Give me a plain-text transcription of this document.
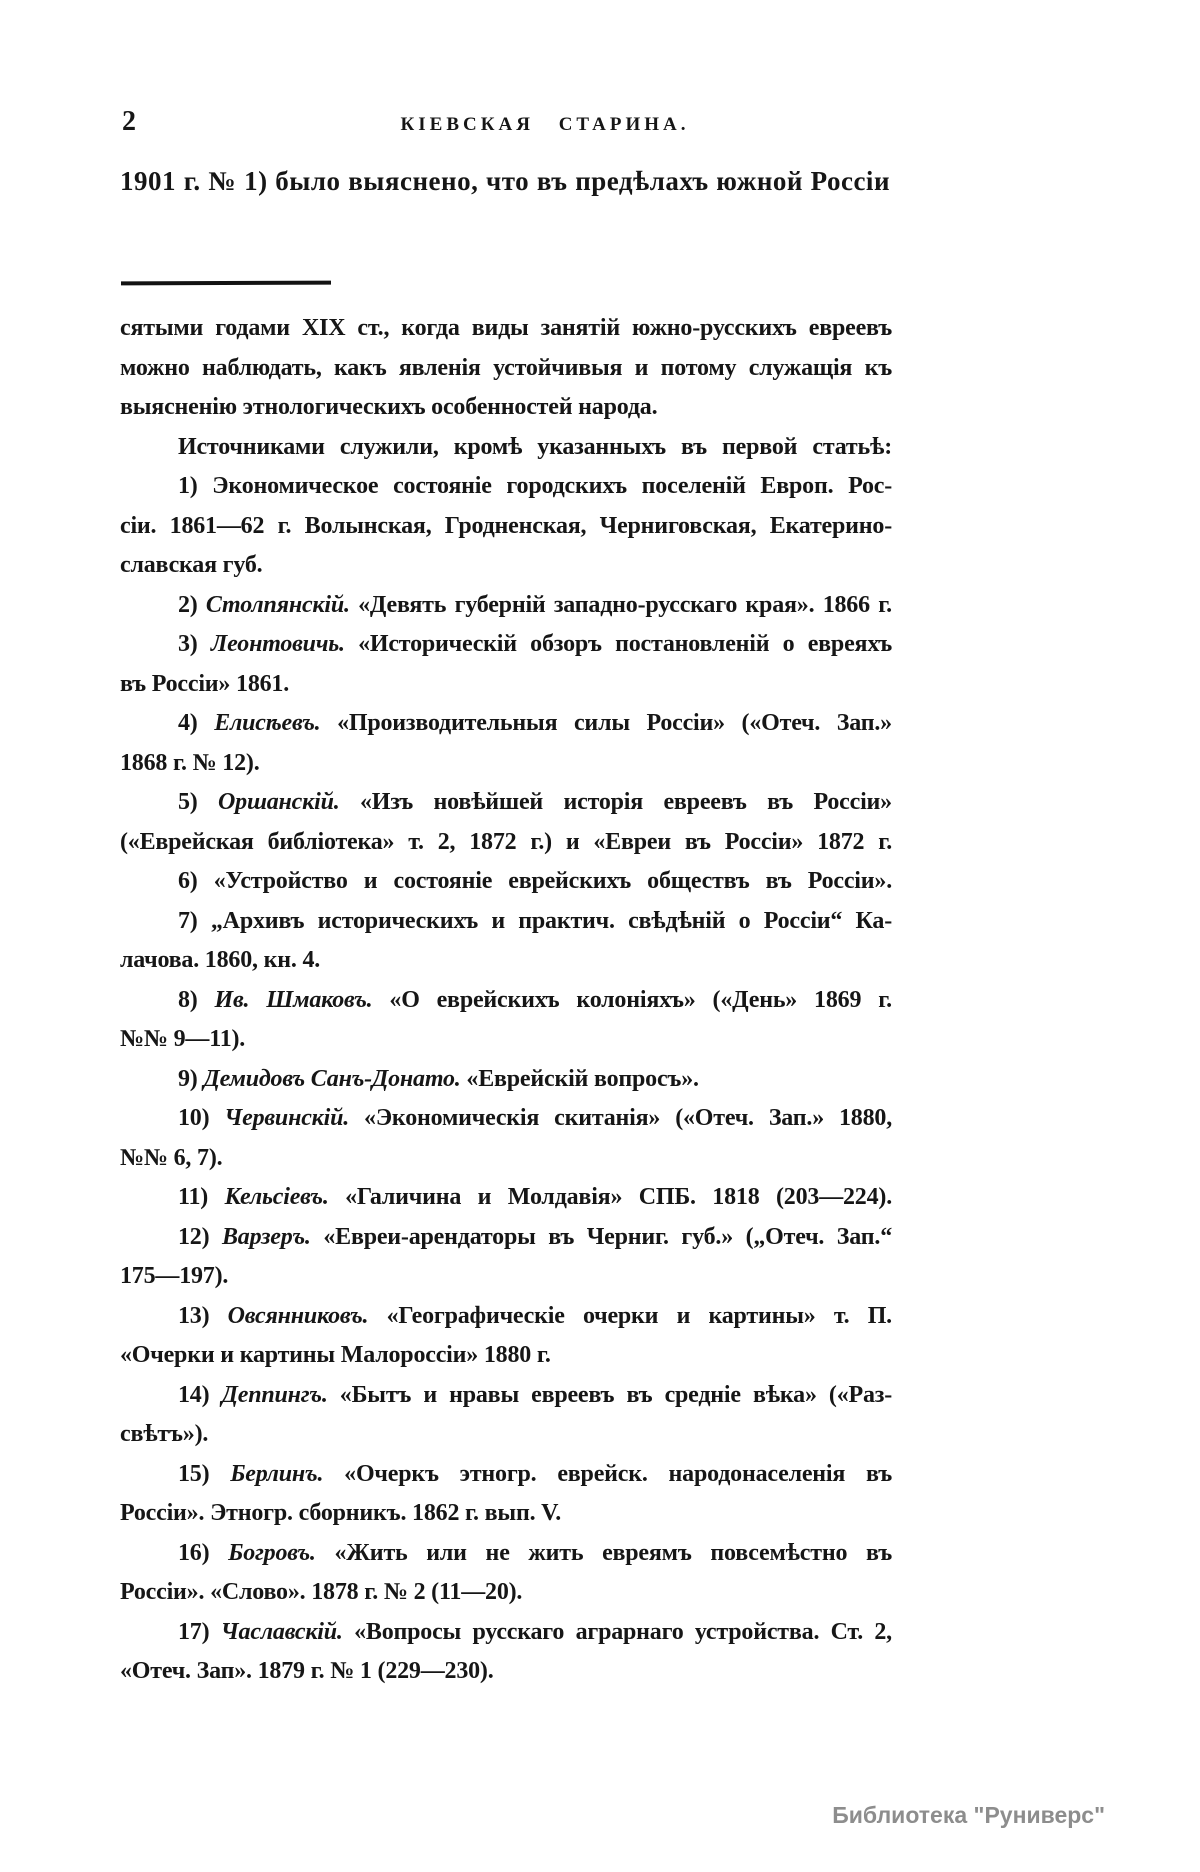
2	КІЕВСКАЯ СТАРИНА.
1901 г. № 1) было выяснено, что въ предѣлахъ южной Россіи
сятыми годами XIX ст., когда виды занятій южно-русскихъ евреевъ
можно наблюдать, какъ явленія устойчивыя и потому служащія къ
выясненію этнологическихъ особенностей народа.
Источниками служили, кромѣ указанныхъ въ первой статьѣ:
1) Экономическое состояніе городскихъ поселеній Европ. Рос-
сіи. 1861—62 г. Волынская, Гродненская, Черниговская, Екатерино-
славская губ.
2) Столпянскій. «Девять губерній западно-русскаго края». 1866 г.
3) Леонтовичь. «Историческій обзоръ постановленій о евреяхъ
въ Россіи» 1861.
4) Елисѣевъ. «Производительныя силы Россіи» («Отеч. Зап.»
1868 г. № 12).
5) Оршанскій. «Изъ новѣйшей исторія евреевъ въ Россіи»
(«Еврейская библіотека» т. 2, 1872 г.) и «Евреи въ Россіи» 1872 г.
6) «Устройство и состояніе еврейскихъ обществъ въ Россіи».
7) „Архивъ историческихъ и практич. свѣдѣній о Россіи“ Ка-
лачова. 1860, кн. 4.
8) Ив. Шмаковъ. «О еврейскихъ колоніяхъ» («День» 1869 г.
№№ 9—11).
9) Демидовъ Санъ-Донато. «Еврейскій вопросъ».
10) Червинскій. «Экономическія скитанія» («Отеч. Зап.» 1880,
№№ 6, 7).
11) Кельсіевъ. «Галичина и Молдавія» СПБ. 1818 (203—224).
12) Варзеръ. «Евреи-арендаторы въ Черниг. губ.» („Отеч. Зап.“
175—197).
13) Овсянниковъ. «Географическіе очерки и картины» т. П.
«Очерки и картины Малороссіи» 1880 г.
14) Деппингъ. «Бытъ и нравы евреевъ въ средніе вѣка» («Раз-
свѣтъ»).
15) Берлинъ. «Очеркъ этногр. еврейск. народонаселенія въ
Россіи». Этногр. сборникъ. 1862 г. вып. V.
16) Богровъ. «Жить или не жить евреямъ повсемѣстно въ
Россіи». «Слово». 1878 г. № 2 (11—20).
17) Чаславскій. «Вопросы русскаго аграрнаго устройства. Ст. 2,
«Отеч. Зап». 1879 г. № 1 (229—230).
Библиотека "Руниверс"
